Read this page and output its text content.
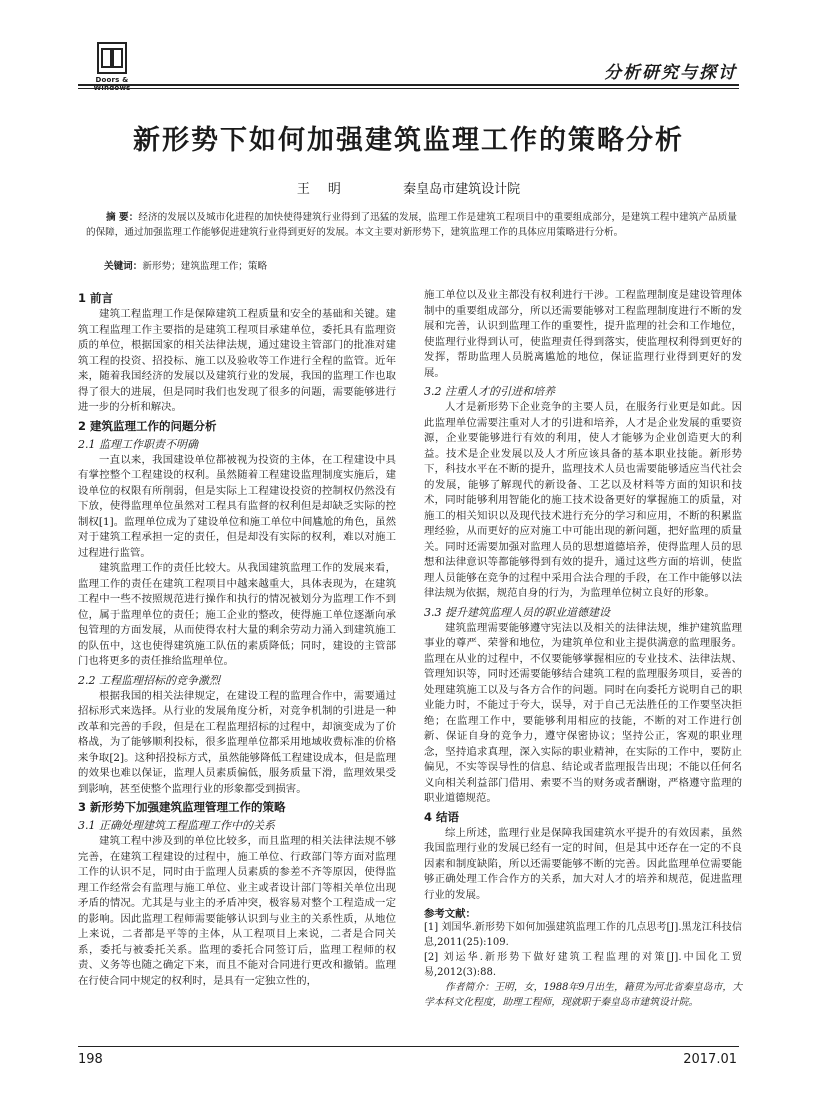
Doors & Windows
分析研究与探讨
新形势下如何加强建筑监理工作的策略分析
王明	秦皇岛市建筑设计院
摘 要：经济的发展以及城市化进程的加快使得建筑行业得到了迅猛的发展，监理工作是建筑工程项目中的重要组成部分，是建筑工程中建筑产品质量的保障，通过加强监理工作能够促进建筑行业得到更好的发展。本文主要对新形势下，建筑监理工作的具体应用策略进行分析。
关键词：新形势；建筑监理工作；策略
1 前言

建筑工程监理工作是保障建筑工程质量和安全的基础和关键。建筑工程监理工作主要指的是建筑工程项目承建单位，委托具有监理资质的单位，根据国家的相关法律法规，通过建设主管部门的批准对建筑工程的投资、招投标、施工以及验收等工作进行全程的监管。近年来，随着我国经济的发展以及建筑行业的发展，我国的监理工作也取得了很大的进展，但是同时我们也发现了很多的问题，需要能够进行进一步的分析和解决。

2 建筑监理工作的问题分析
2.1 监理工作职责不明确

一直以来，我国建设单位都被视为投资的主体，在工程建设中具有掌控整个工程建设的权利。虽然随着工程建设监理制度实施后，建设单位的权限有所削弱，但是实际上工程建设投资的控制权仍然没有下放，使得监理单位虽然对工程具有监督的权利但是却缺乏实际的控制权[1]。监理单位成为了建设单位和施工单位中间尴尬的角色，虽然对于建筑工程承担一定的责任，但是却没有实际的权利，难以对施工过程进行监管。

建筑监理工作的责任比较大。从我国建筑监理工作的发展来看，监理工作的责任在建筑工程项目中越来越重大，具体表现为，在建筑工程中一些不按照规范进行操作和执行的情况被划分为监理工作不到位，属于监理单位的责任；施工企业的整改，使得施工单位逐渐向承包管理的方面发展，从而使得农村大量的剩余劳动力涌入到建筑施工的队伍中，这也使得建筑施工队伍的素质降低；同时，建设的主管部门也将更多的责任推给监理单位。

2.2 工程监理招标的竞争激烈

根据我国的相关法律规定，在建设工程的监理合作中，需要通过招标形式来选择。从行业的发展角度分析，对竞争机制的引进是一种改革和完善的手段，但是在工程监理招标的过程中，却演变成为了价格战，为了能够顺利投标，很多监理单位都采用地域收费标准的价格来争取[2]。这种招投标方式，虽然能够降低工程建设成本，但是监理的效果也难以保证，监理人员素质偏低，服务质量下滑，监理效果受到影响，甚至使整个监理行业的形象都受到损害。

3 新形势下加强建筑监理管理工作的策略
3.1 正确处理建筑工程监理工作中的关系

建筑工程中涉及到的单位比较多，而且监理的相关法律法规不够完善，在建筑工程建设的过程中，施工单位、行政部门等方面对监理工作的认识不足，同时由于监理人员素质的参差不齐等原因，使得监理工作经常会有监理与施工单位、业主或者设计部门等相关单位出现矛盾的情况。尤其是与业主的矛盾冲突，极容易对整个工程造成一定的影响。因此监理工程师需要能够认识到与业主的关系性质，从地位上来说，二者都是平等的主体，从工程项目上来说，二者是合同关系，委托与被委托关系。监理的委托合同签订后，监理工程师的权责、义务等也随之确定下来，而且不能对合同进行更改和撤销。监理在行使合同中规定的权利时，是具有一定独立性的，

施工单位以及业主都没有权利进行干涉。工程监理制度是建设管理体制中的重要组成部分，所以还需要能够对工程监理制度进行不断的发展和完善，认识到监理工作的重要性，提升监理的社会和工作地位，使监理行业得到认可，使监理责任得到落实，使监理权利得到更好的发挥，帮助监理人员脱离尴尬的地位，保证监理行业得到更好的发展。

3.2 注重人才的引进和培养

人才是新形势下企业竞争的主要人员，在服务行业更是如此。因此监理单位需要注重对人才的引进和培养，人才是企业发展的重要资源，企业要能够进行有效的利用，使人才能够为企业创造更大的利益。技术是企业发展以及人才所应该具备的基本职业技能。新形势下，科技水平在不断的提升，监理技术人员也需要能够适应当代社会的发展，能够了解现代的新设备、工艺以及材料等方面的知识和技术，同时能够利用智能化的施工技术设备更好的掌握施工的质量，对施工的相关知识以及现代技术进行充分的学习和应用，不断的积累监理经验，从而更好的应对施工中可能出现的新问题，把好监理的质量关。同时还需要加强对监理人员的思想道德培养，使得监理人员的思想和法律意识等都能够得到有效的提升，通过这些方面的培训，使监理人员能够在竞争的过程中采用合法合理的手段，在工作中能够以法律法规为依据，规范自身的行为，为监理单位树立良好的形象。

3.3 提升建筑监理人员的职业道德建设

建筑监理需要能够遵守宪法以及相关的法律法规，维护建筑监理事业的尊严、荣誉和地位，为建筑单位和业主提供满意的监理服务。监理在从业的过程中，不仅要能够掌握相应的专业技术、法律法规、管理知识等，同时还需要能够结合建筑工程的监理服务项目，妥善的处理建筑施工以及与各方合作的问题。同时在向委托方说明自己的职业能力时，不能过于夸大，误导，对于自己无法胜任的工作要坚决拒绝；在监理工作中，要能够利用相应的技能，不断的对工作进行创新、保证自身的竞争力，遵守保密协议；坚持公正，客观的职业理念，坚持追求真理，深入实际的职业精神，在实际的工作中，要防止偏见，不实等误导性的信息、结论或者监理报告出现；不能以任何名义向相关利益部门借用、索要不当的财务或者酬谢，严格遵守监理的职业道德规范。

4 结语

综上所述，监理行业是保障我国建筑水平提升的有效因素，虽然我国监理行业的发展已经有一定的时间，但是其中还存在一定的不良因素和制度缺陷，所以还需要能够不断的完善。因此监理单位需要能够正确处理工作合作方的关系，加大对人才的培养和规范，促进监理行业的发展。

参考文献：
[1] 刘国华.新形势下如何加强建筑监理工作的几点思考[J].黑龙江科技信息,2011(25):109.
[2] 刘运华.新形势下做好建筑工程监理的对策[J].中国化工贸易,2012(3):88.
作者简介：王明，女，1988年9月出生，籍贯为河北省秦皇岛市，大学本科文化程度，助理工程师，现就职于秦皇岛市建筑设计院。
198	2017.01
